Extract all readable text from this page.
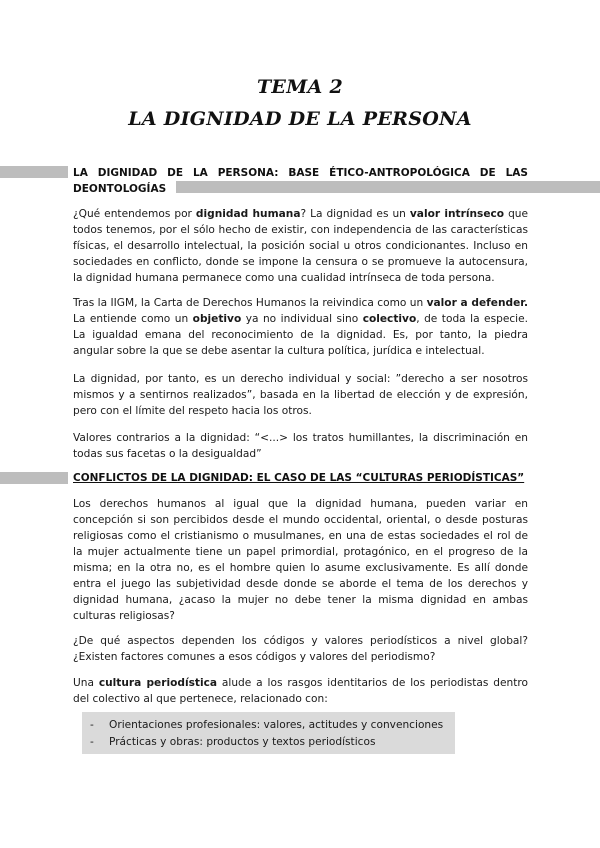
TEMA 2
LA DIGNIDAD DE LA PERSONA
LA DIGNIDAD DE LA PERSONA: BASE ÉTICO-ANTROPOLÓGICA DE LAS DEONTOLOGÍAS
¿Qué entendemos por dignidad humana? La dignidad es un valor intrínseco que todos tenemos, por el sólo hecho de existir, con independencia de las características físicas, el desarrollo intelectual, la posición social u otros condicionantes. Incluso en sociedades en conflicto, donde se impone la censura o se promueve la autocensura, la dignidad humana permanece como una cualidad intrínseca de toda persona.
Tras la IIGM, la Carta de Derechos Humanos la reivindica como un valor a defender. La entiende como un objetivo ya no individual sino colectivo, de toda la especie. La igualdad emana del reconocimiento de la dignidad. Es, por tanto, la piedra angular sobre la que se debe asentar la cultura política, jurídica e intelectual.
La dignidad, por tanto, es un derecho individual y social: ”derecho a ser nosotros mismos y a sentirnos realizados”, basada en la libertad de elección y de expresión, pero con el límite del respeto hacia los otros.
Valores contrarios a la dignidad: “<...> los tratos humillantes, la discriminación en todas sus facetas o la desigualdad”
CONFLICTOS DE LA DIGNIDAD: EL CASO DE LAS “CULTURAS PERIODÍSTICAS”
Los derechos humanos al igual que la dignidad humana, pueden variar en concepción si son percibidos desde el mundo occidental, oriental, o desde posturas religiosas como el cristianismo o musulmanes, en una de estas sociedades el rol de la mujer actualmente tiene un papel primordial, protagónico, en el progreso de la misma; en la otra no, es el hombre quien lo asume exclusivamente. Es allí donde entra el juego las subjetividad desde donde se aborde el tema de los derechos y dignidad humana, ¿acaso la mujer no debe tener la misma dignidad en ambas culturas religiosas?
¿De qué aspectos dependen los códigos y valores periodísticos a nivel global? ¿Existen factores comunes a esos códigos y valores del periodismo?
Una cultura periodística alude a los rasgos identitarios de los periodistas dentro del colectivo al que pertenece, relacionado con:
- Orientaciones profesionales: valores, actitudes y convenciones
- Prácticas y obras: productos y textos periodísticos
